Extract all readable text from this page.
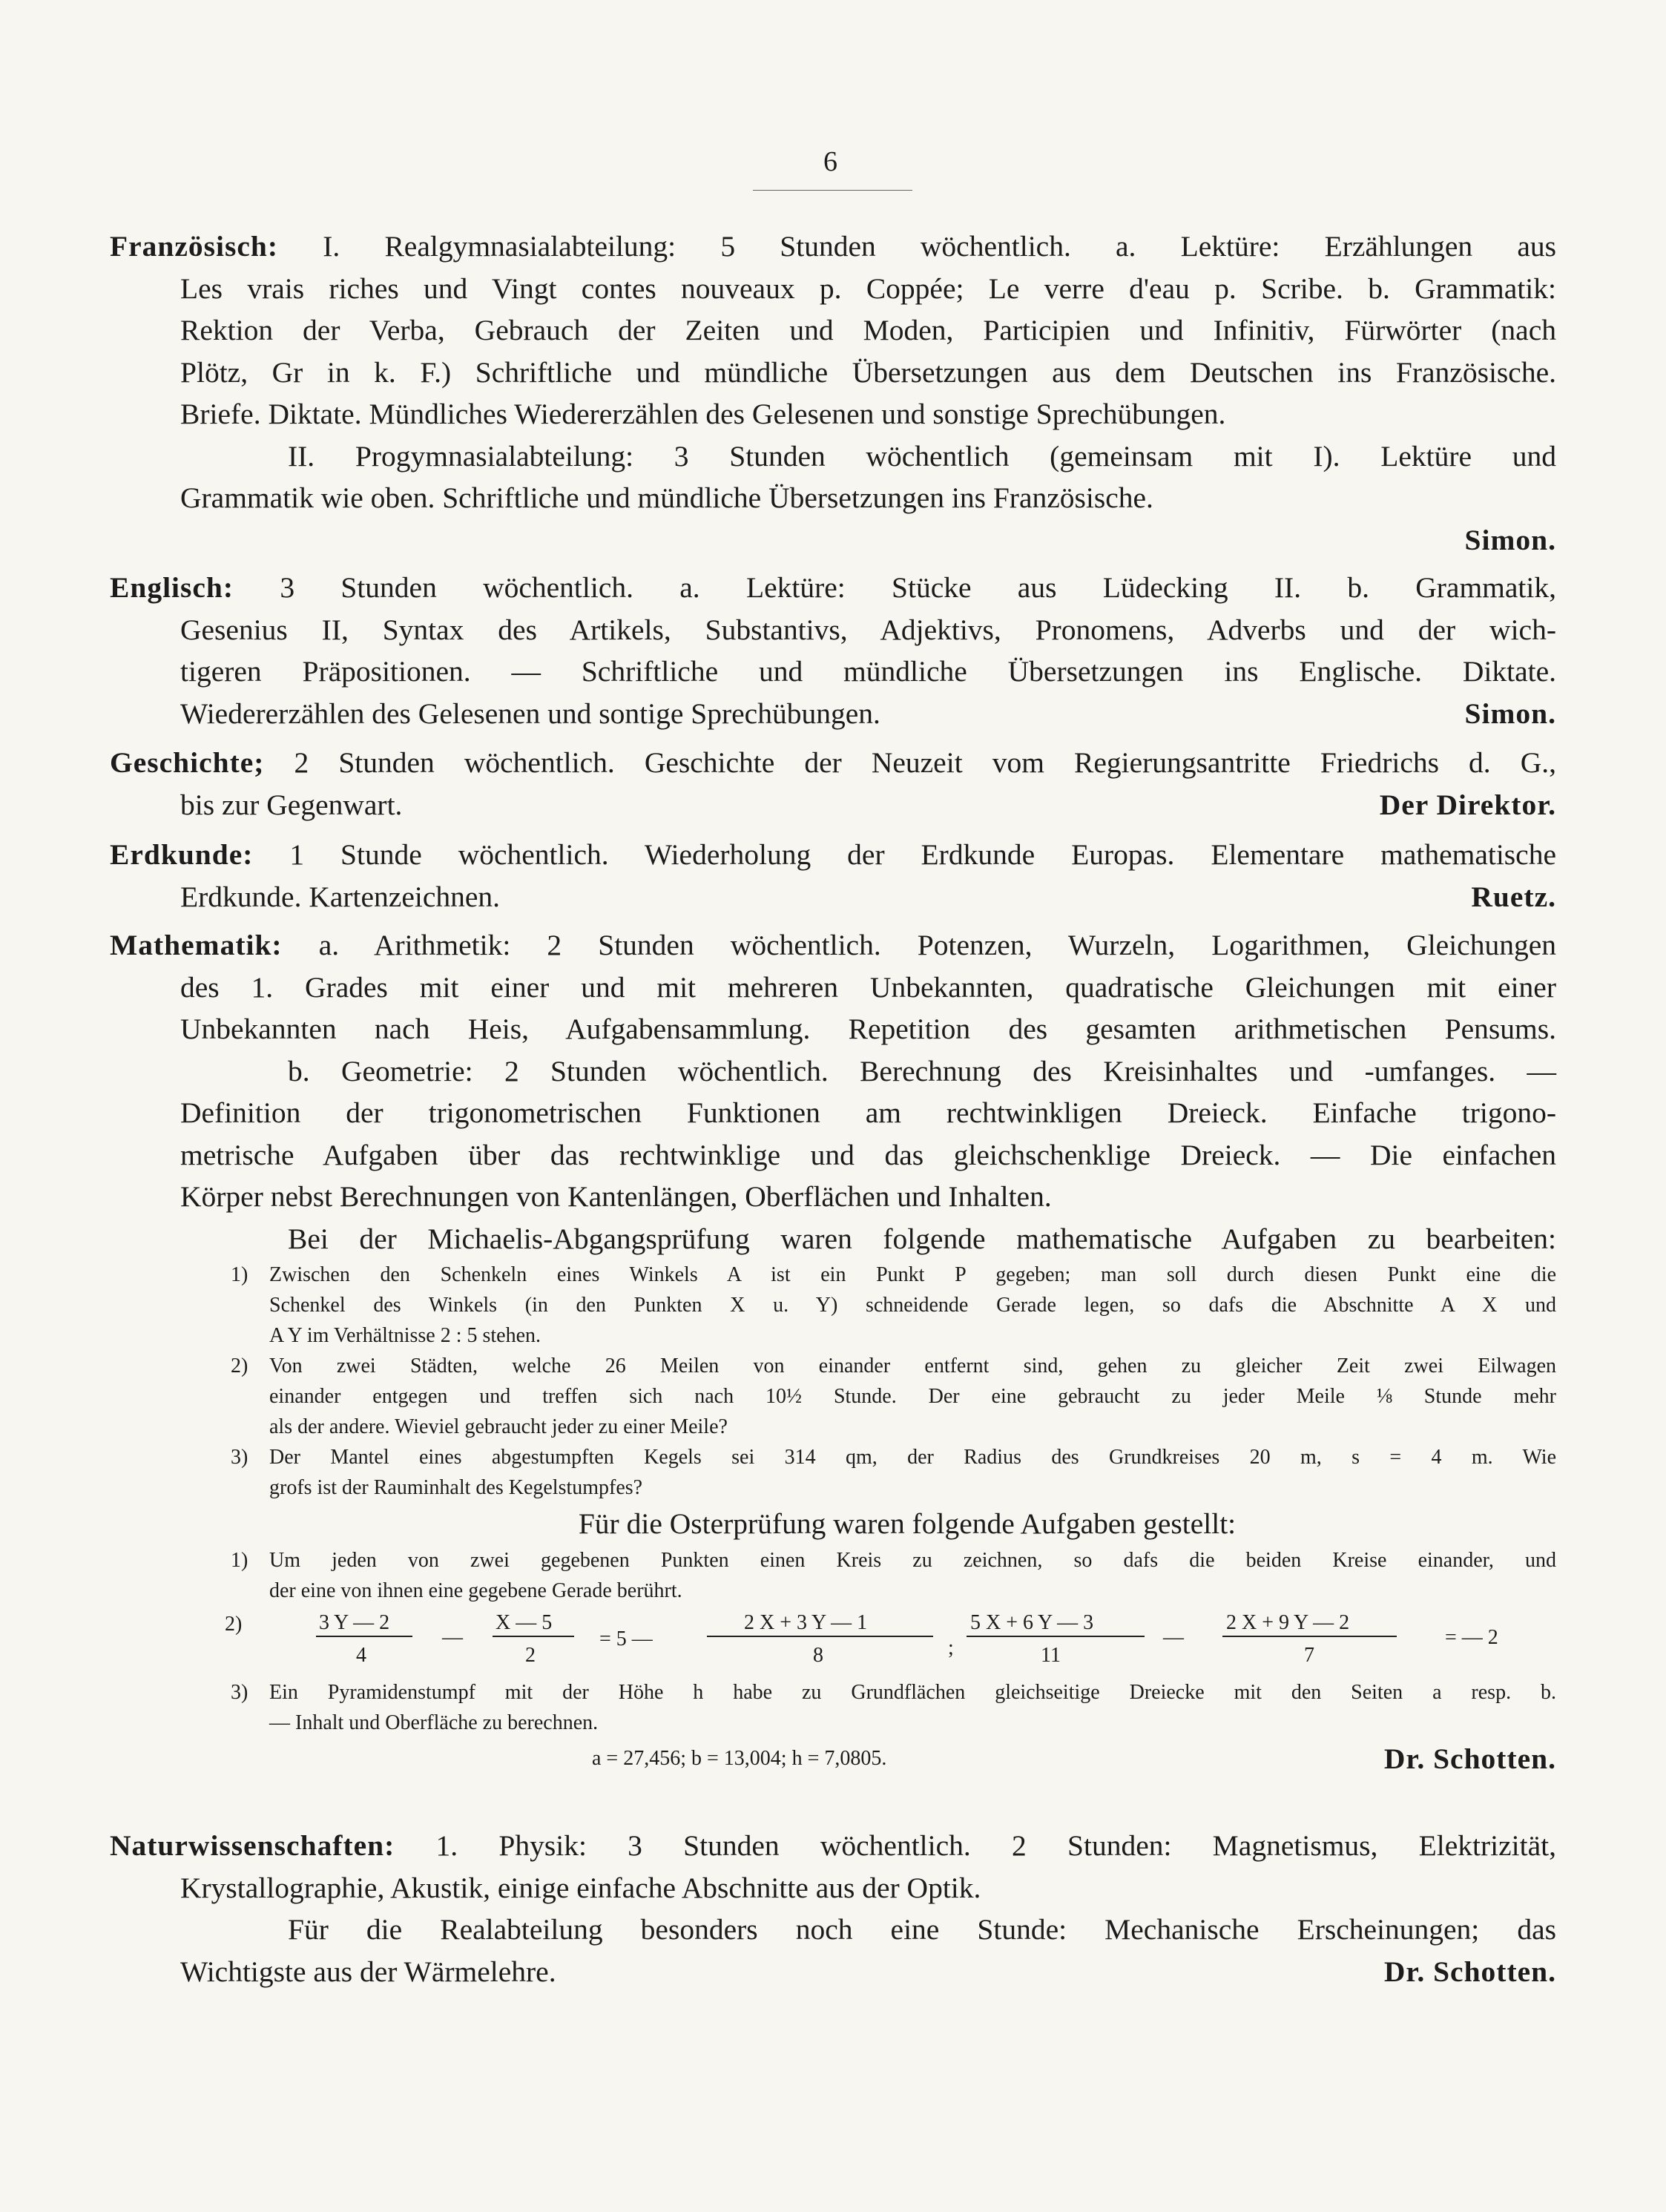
6

Französisch: I. Realgymnasialabteilung: 5 Stunden wöchentlich. a. Lektüre: Erzählungen aus

Les vrais riches und Vingt contes nouveaux p. Coppée; Le verre d'eau p. Scribe. b. Grammatik:

Rektion der Verba, Gebrauch der Zeiten und Moden, Participien und Infinitiv, Fürwörter (nach

Plötz, Gr in k. F.) Schriftliche und mündliche Übersetzungen aus dem Deutschen ins Französische.

Briefe. Diktate. Mündliches Wiedererzählen des Gelesenen und sonstige Sprechübungen.

II. Progymnasialabteilung: 3 Stunden wöchentlich (gemeinsam mit I). Lektüre und

Grammatik wie oben. Schriftliche und mündliche Übersetzungen ins Französische.

Simon.

Englisch: 3 Stunden wöchentlich. a. Lektüre: Stücke aus Lüdecking II. b. Grammatik,

Gesenius II, Syntax des Artikels, Substantivs, Adjektivs, Pronomens, Adverbs und der wich-

tigeren Präpositionen. — Schriftliche und mündliche Übersetzungen ins Englische. Diktate.

Wiedererzählen des Gelesenen und sontige Sprechübungen.	Simon.

Geschichte; 2 Stunden wöchentlich. Geschichte der Neuzeit vom Regierungsantritte Friedrichs d. G.,

bis zur Gegenwart.	Der Direktor.

Erdkunde: 1 Stunde wöchentlich. Wiederholung der Erdkunde Europas. Elementare mathematische

Erdkunde. Kartenzeichnen.	Ruetz.

Mathematik: a. Arithmetik: 2 Stunden wöchentlich. Potenzen, Wurzeln, Logarithmen, Gleichungen

des 1. Grades mit einer und mit mehreren Unbekannten, quadratische Gleichungen mit einer

Unbekannten nach Heis, Aufgabensammlung. Repetition des gesamten arithmetischen Pensums.

b. Geometrie: 2 Stunden wöchentlich. Berechnung des Kreisinhaltes und -umfanges. —

Definition der trigonometrischen Funktionen am rechtwinkligen Dreieck. Einfache trigono-

metrische Aufgaben über das rechtwinklige und das gleichschenklige Dreieck. — Die einfachen

Körper nebst Berechnungen von Kantenlängen, Oberflächen und Inhalten.

Bei der Michaelis-Abgangsprüfung waren folgende mathematische Aufgaben zu bearbeiten:

1) Zwischen den Schenkeln eines Winkels A ist ein Punkt P gegeben; man soll durch diesen Punkt eine die

Schenkel des Winkels (in den Punkten X u. Y) schneidende Gerade legen, so dafs die Abschnitte A X und

A Y im Verhältnisse 2 : 5 stehen.

2) Von zwei Städten, welche 26 Meilen von einander entfernt sind, gehen zu gleicher Zeit zwei Eilwagen

einander entgegen und treffen sich nach 10½ Stunde. Der eine gebraucht zu jeder Meile ⅛ Stunde mehr

als der andere. Wieviel gebraucht jeder zu einer Meile?

3) Der Mantel eines abgestumpften Kegels sei 314 qm, der Radius des Grundkreises 20 m, s = 4 m. Wie

grofs ist der Rauminhalt des Kegelstumpfes?

Für die Osterprüfung waren folgende Aufgaben gestellt:

1) Um jeden von zwei gegebenen Punkten einen Kreis zu zeichnen, so dafs die beiden Kreise einander, und

der eine von ihnen eine gegebene Gerade berührt.

2)	3 Y — 2
4
—
X — 5
2
= 5 —
2 X + 3 Y — 1
8	;
5 X + 6 Y — 3
11
—
2 X + 9 Y — 2
7
= — 2

3) Ein Pyramidenstumpf mit der Höhe h habe zu Grundflächen gleichseitige Dreiecke mit den Seiten a resp. b.

— Inhalt und Oberfläche zu berechnen.

a = 27,456; b = 13,004; h = 7,0805.	Dr. Schotten.

Naturwissenschaften: 1. Physik: 3 Stunden wöchentlich. 2 Stunden: Magnetismus, Elektrizität,

Krystallographie, Akustik, einige einfache Abschnitte aus der Optik.

Für die Realabteilung besonders noch eine Stunde: Mechanische Erscheinungen; das

Wichtigste aus der Wärmelehre.	Dr. Schotten.
